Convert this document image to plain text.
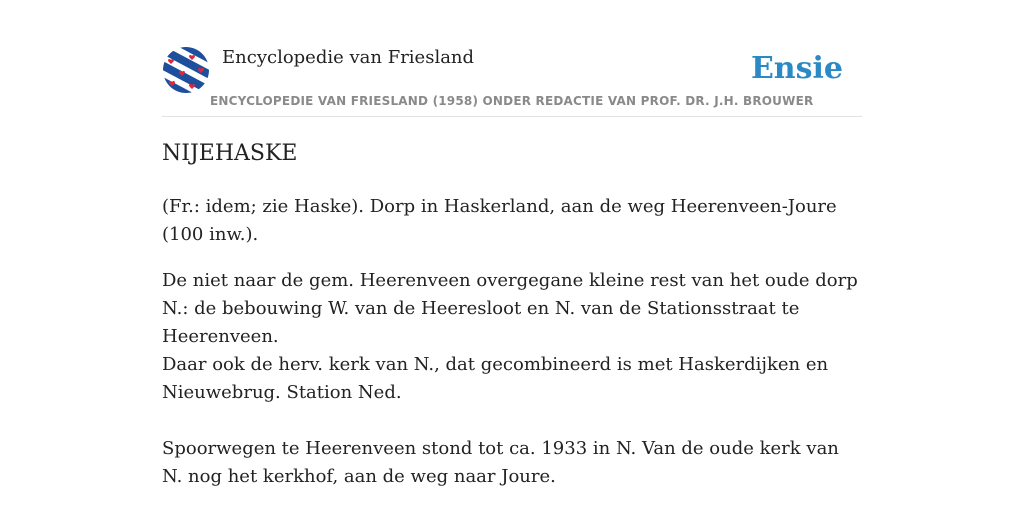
Encyclopedie van Friesland
ENCYCLOPEDIE VAN FRIESLAND (1958) ONDER REDACTIE VAN PROF. DR. J.H. BROUWER
Ensie
NIJEHASKE

(Fr.: idem; zie Haske). Dorp in Haskerland, aan de weg Heerenveen-Joure (100 inw.).

De niet naar de gem. Heerenveen overgegane kleine rest van het oude dorp N.: de bebouwing W. van de Heeresloot en N. van de Stationsstraat te Heerenveen.

Daar ook de herv. kerk van N., dat gecombineerd is met Haskerdijken en Nieuwebrug. Station Ned.

Spoorwegen te Heerenveen stond tot ca. 1933 in N. Van de oude kerk van N. nog het kerkhof, aan de weg naar Joure.
